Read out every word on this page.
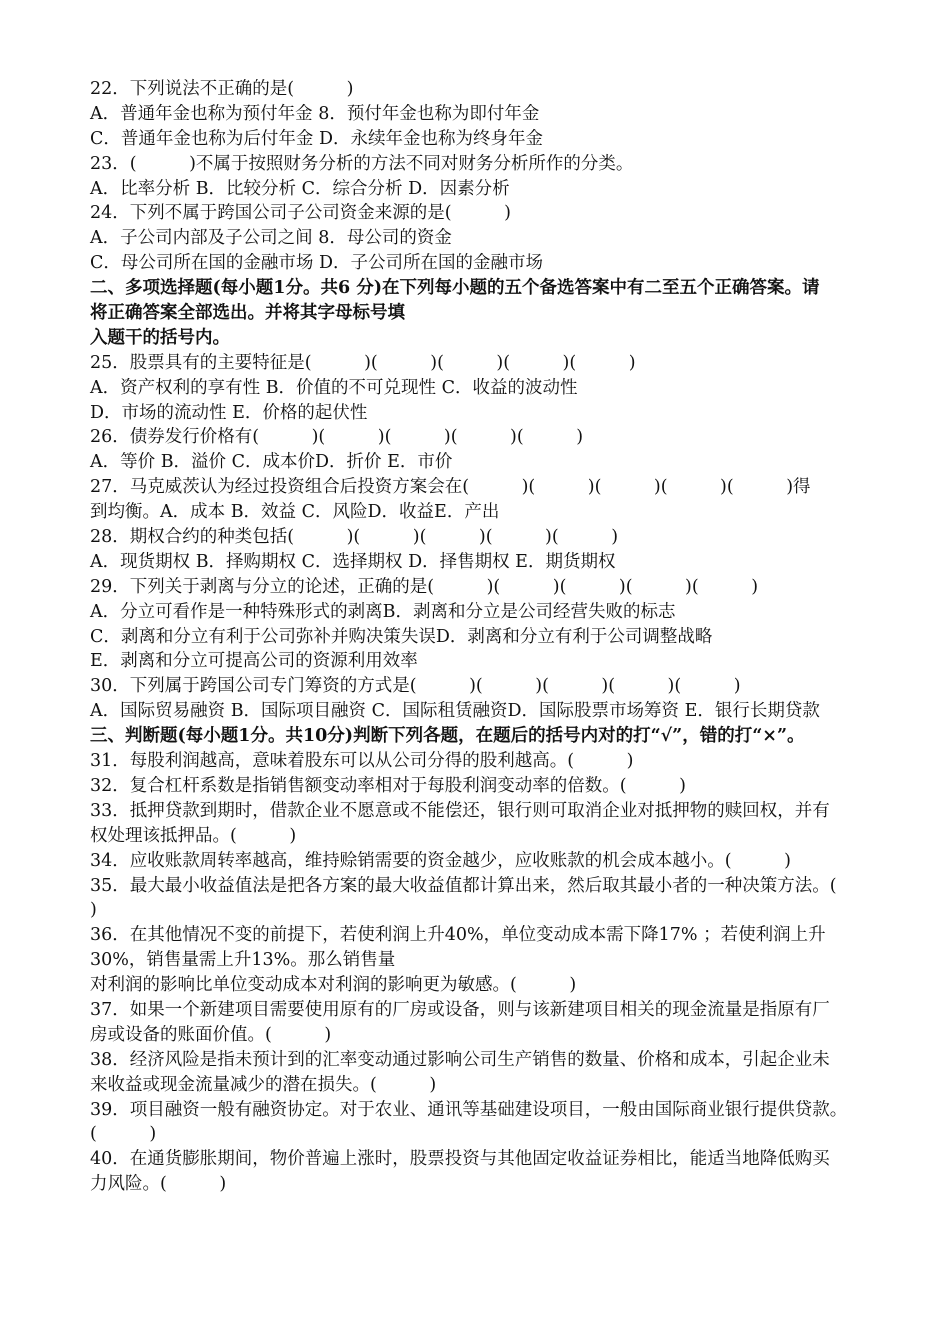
22．下列说法不正确的是(　　　)
A．普通年金也称为预付年金 8．预付年金也称为即付年金
C．普通年金也称为后付年金 D．永续年金也称为终身年金
23．(　　　)不属于按照财务分析的方法不同对财务分析所作的分类。
A．比率分析 B．比较分析 C．综合分析 D．因素分析
24．下列不属于跨国公司子公司资金来源的是(　　　)
A．子公司内部及子公司之间 8．母公司的资金
C．母公司所在国的金融市场 D．子公司所在国的金融市场
二、多项选择题(每小题1分。共6 分)在下列每小题的五个备选答案中有二至五个正确答案。请
将正确答案全部选出。并将其字母标号填
入题干的括号内。
25．股票具有的主要特征是(　　　)(　　　)(　　　)(　　　)(　　　)
A．资产权利的享有性 B．价值的不可兑现性 C．收益的波动性
D．市场的流动性 E．价格的起伏性
26．债券发行价格有(　　　)(　　　)(　　　)(　　　)(　　　)
A．等价 B．溢价 C．成本价D．折价 E．市价
27．马克威茨认为经过投资组合后投资方案会在(　　　)(　　　)(　　　)(　　　)(　　　)得
到均衡。A．成本 B．效益 C．风险D．收益E．产出
28．期权合约的种类包括(　　　)(　　　)(　　　)(　　　)(　　　)
A．现货期权 B．择购期权 C．选择期权 D．择售期权 E．期货期权
29．下列关于剥离与分立的论述，正确的是(　　　)(　　　)(　　　)(　　　)(　　　)
A．分立可看作是一种特殊形式的剥离B．剥离和分立是公司经营失败的标志
C．剥离和分立有利于公司弥补并购决策失误D．剥离和分立有利于公司调整战略
E．剥离和分立可提高公司的资源利用效率
30．下列属于跨国公司专门筹资的方式是(　　　)(　　　)(　　　)(　　　)(　　　)
A．国际贸易融资 B．国际项目融资 C．国际租赁融资D．国际股票市场筹资 E．银行长期贷款
三、判断题(每小题1分。共10分)判断下列各题，在题后的括号内对的打“√”，错的打“×”。
31．每股利润越高，意味着股东可以从公司分得的股利越高。(　　　)
32．复合杠杆系数是指销售额变动率相对于每股利润变动率的倍数。(　　　)
33．抵押贷款到期时，借款企业不愿意或不能偿还，银行则可取消企业对抵押物的赎回权，并有
权处理该抵押品。(　　　)
34．应收账款周转率越高，维持赊销需要的资金越少，应收账款的机会成本越小。(　　　)
35．最大最小收益值法是把各方案的最大收益值都计算出来，然后取其最小者的一种决策方法。(
)
36．在其他情况不变的前提下，若使利润上升40%，单位变动成本需下降17% ；若使利润上升
30%，销售量需上升13%。那么销售量
对利润的影响比单位变动成本对利润的影响更为敏感。(　　　)
37．如果一个新建项目需要使用原有的厂房或设备，则与该新建项目相关的现金流量是指原有厂
房或设备的账面价值。(　　　)
38．经济风险是指未预计到的汇率变动通过影响公司生产销售的数量、价格和成本，引起企业未
来收益或现金流量减少的潜在损失。(　　　)
39．项目融资一般有融资协定。对于农业、通讯等基础建设项目，一般由国际商业银行提供贷款。
(　　　)
40．在通货膨胀期间，物价普遍上涨时，股票投资与其他固定收益证券相比，能适当地降低购买
力风险。(　　　)
